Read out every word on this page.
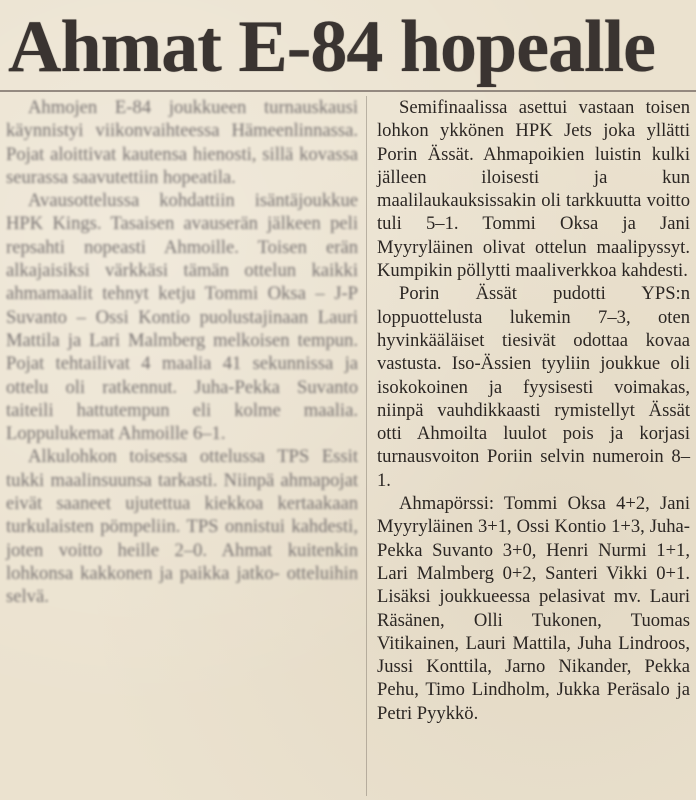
Ahmat E-84 hopealle

Ahmojen E-84 joukkueen turnauskausi käynnistyi viikonvaihteessa Hämeenlinnassa. Pojat aloittivat kautensa hienosti, sillä kovassa seurassa saavutettiin hopeatila.

Avausottelussa kohdattiin isäntäjoukkue HPK Kings. Tasaisen avauserän jälkeen peli repsahti nopeasti Ahmoille. Toisen erän alkajaisiksi värkkäsi tämän ottelun kaikki ahmamaalit tehnyt ketju Tommi Oksa – J-P Suvanto – Ossi Kontio puolustajinaan Lauri Mattila ja Lari Malmberg melkoisen tempun. Pojat tehtailivat 4 maalia 41 sekunnissa ja ottelu oli ratkennut. Juha-Pekka Suvanto taiteili hattutempun eli kolme maalia. Loppulukemat Ahmoille 6–1.

Alkulohkon toisessa ottelussa TPS Essit tukki maalinsuunsa tarkasti. Niinpä ahmapojat eivät saaneet ujutettua kiekkoa kertaakaan turkulaisten pömpeliin. TPS onnistui kahdesti, joten voitto heille 2–0. Ahmat kuitenkin lohkonsa kakkonen ja paikka jatko- otteluihin selvä.

Semifinaalissa asettui vastaan toisen lohkon ykkönen HPK Jets joka yllätti Porin Ässät. Ahmapoikien luistin kulki jälleen iloisesti ja kun maalilaukauksissakin oli tarkkuutta voitto tuli 5–1. Tommi Oksa ja Jani Myyryläinen olivat ottelun maalipyssyt. Kumpikin pöllytti maaliverkkoa kahdesti.

Porin Ässät pudotti YPS:n loppuottelusta lukemin 7–3, oten hyvinkääläiset tiesivät odottaa kovaa vastusta. Iso-Ässien tyyliin joukkue oli isokokoinen ja fyysisesti voimakas, niinpä vauhdikkaasti rymistellyt Ässät otti Ahmoilta luulot pois ja korjasi turnausvoiton Poriin selvin numeroin 8–1.

Ahmapörssi: Tommi Oksa 4+2, Jani Myyryläinen 3+1, Ossi Kontio 1+3, Juha-Pekka Suvanto 3+0, Henri Nurmi 1+1, Lari Malmberg 0+2, Santeri Vikki 0+1. Lisäksi joukkueessa pelasivat mv. Lauri Räsänen, Olli Tukonen, Tuomas Vitikainen, Lauri Mattila, Juha Lindroos, Jussi Konttila, Jarno Nikander, Pekka Pehu, Timo Lindholm, Jukka Peräsalo ja Petri Pyykkö.
